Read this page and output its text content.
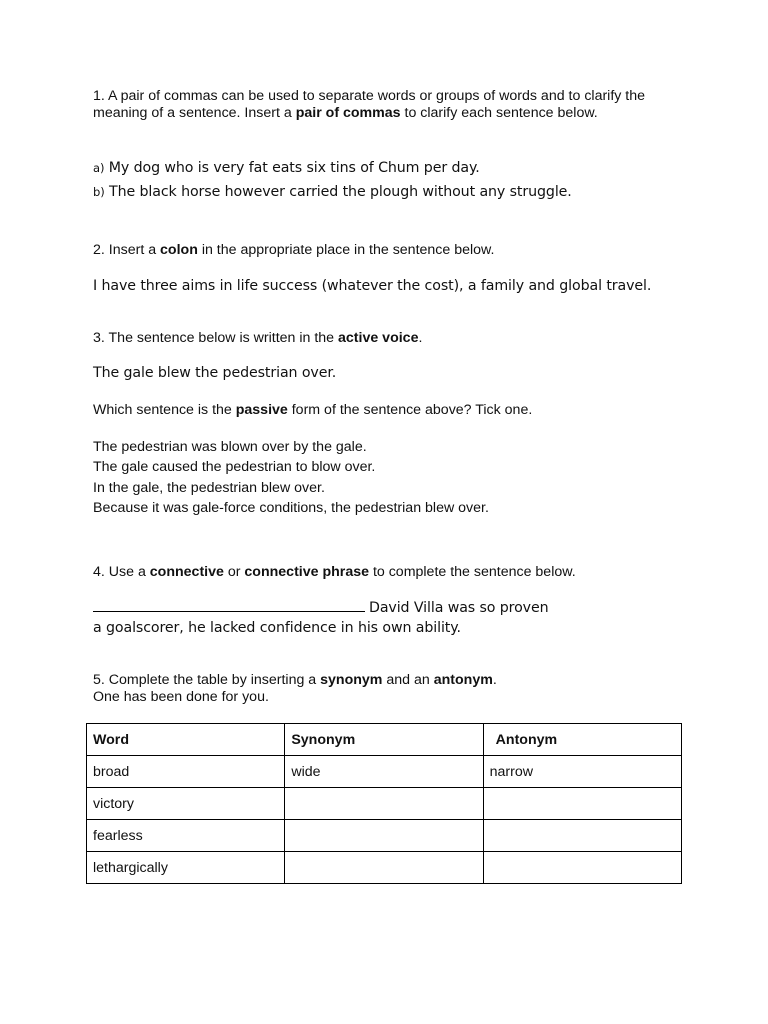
1. A pair of commas can be used to separate words or groups of words and to clarify the meaning of a sentence. Insert a pair of commas to clarify each sentence below.

a) My dog who is very fat eats six tins of Chum per day.

b) The black horse however carried the plough without any struggle.

2. Insert a colon in the appropriate place in the sentence below.

I have three aims in life success (whatever the cost), a family and global travel.

3. The sentence below is written in the active voice.

The gale blew the pedestrian over.

Which sentence is the passive form of the sentence above? Tick one.

The pedestrian was blown over by the gale.
The gale caused the pedestrian to blow over.
In the gale, the pedestrian blew over.
Because it was gale-force conditions, the pedestrian blew over.

4. Use a connective or connective phrase to complete the sentence below.

David Villa was so proven

a goalscorer, he lacked confidence in his own ability.

5. Complete the table by inserting a synonym and an antonym.
One has been done for you.

Word	Synonym	Antonym
broad	wide	narrow
victory		
fearless		
lethargically		
